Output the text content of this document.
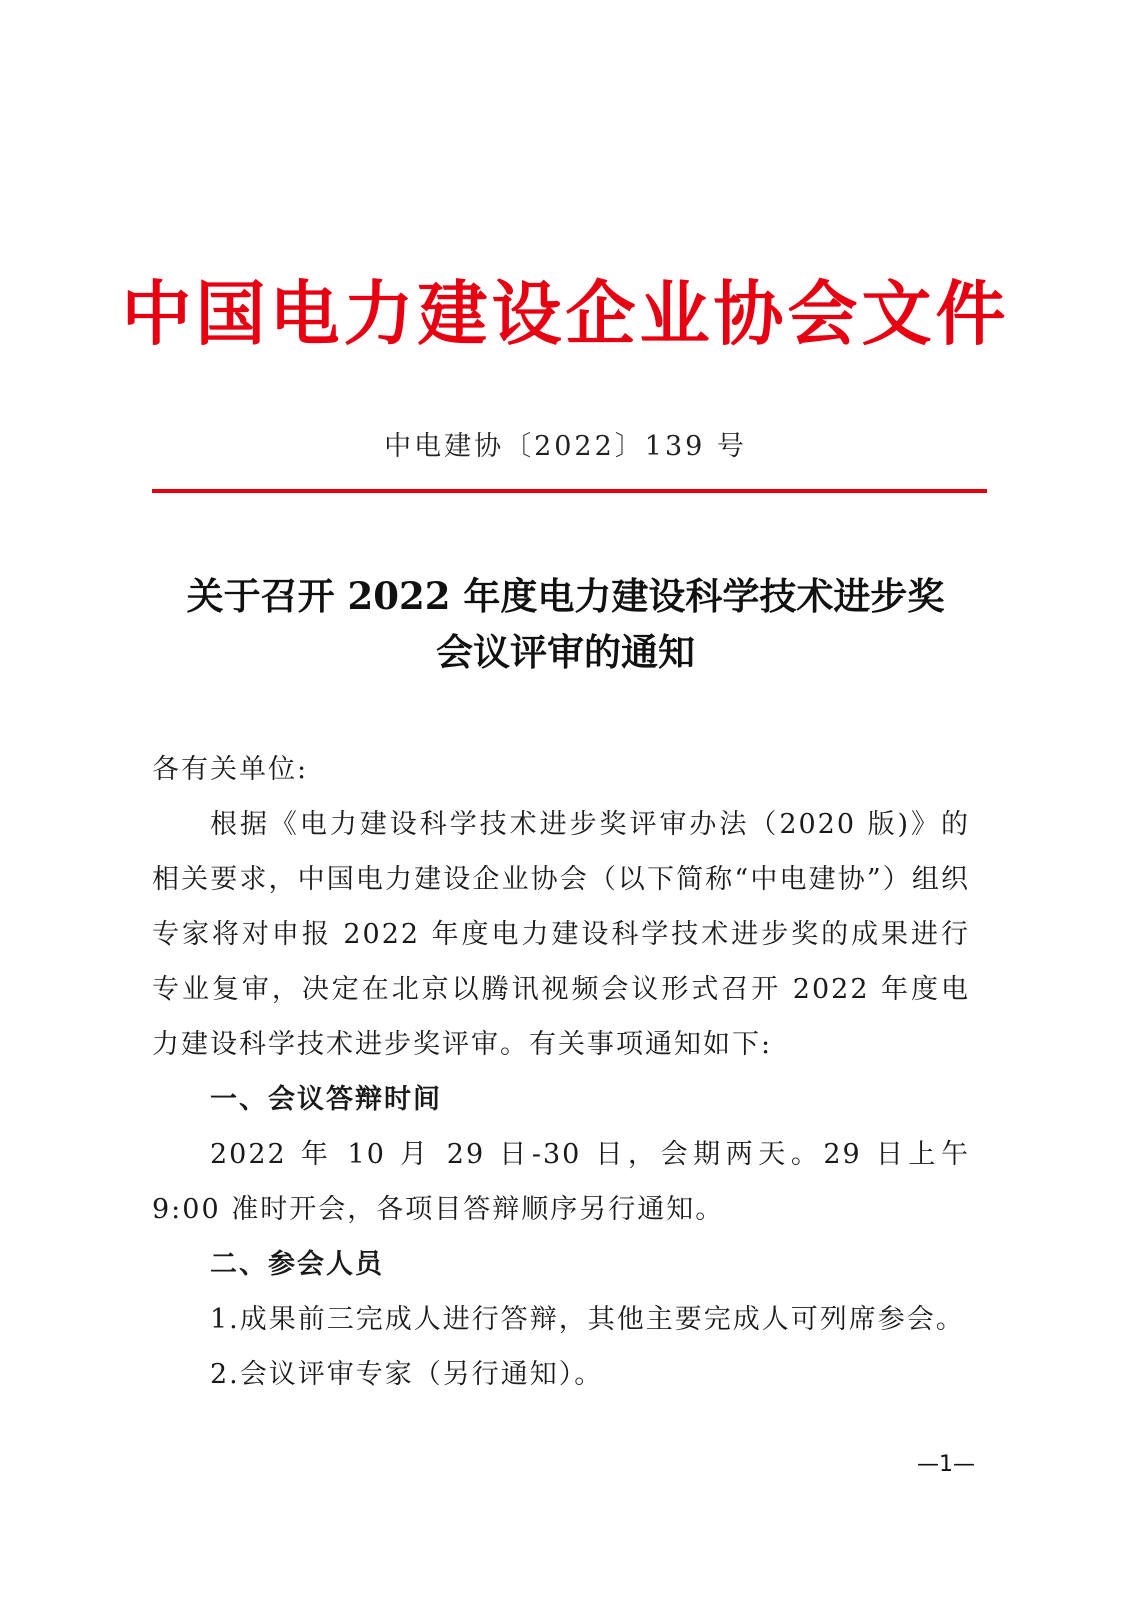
中国电力建设企业协会文件
中电建协〔2022〕139 号
关于召开 2022 年度电力建设科学技术进步奖
会议评审的通知

各有关单位:

根据《电力建设科学技术进步奖评审办法（2020 版)》的相关要求，中国电力建设企业协会（以下简称“中电建协”）组织专家将对申报 2022 年度电力建设科学技术进步奖的成果进行专业复审，决定在北京以腾讯视频会议形式召开 2022 年度电力建设科学技术进步奖评审。有关事项通知如下:

一、会议答辩时间

2022 年 10 月 29 日-30 日，会期两天。29 日上午 9:00 准时开会，各项目答辩顺序另行通知。

二、参会人员

1.成果前三完成人进行答辩，其他主要完成人可列席参会。

2.会议评审专家（另行通知）。

—1—
